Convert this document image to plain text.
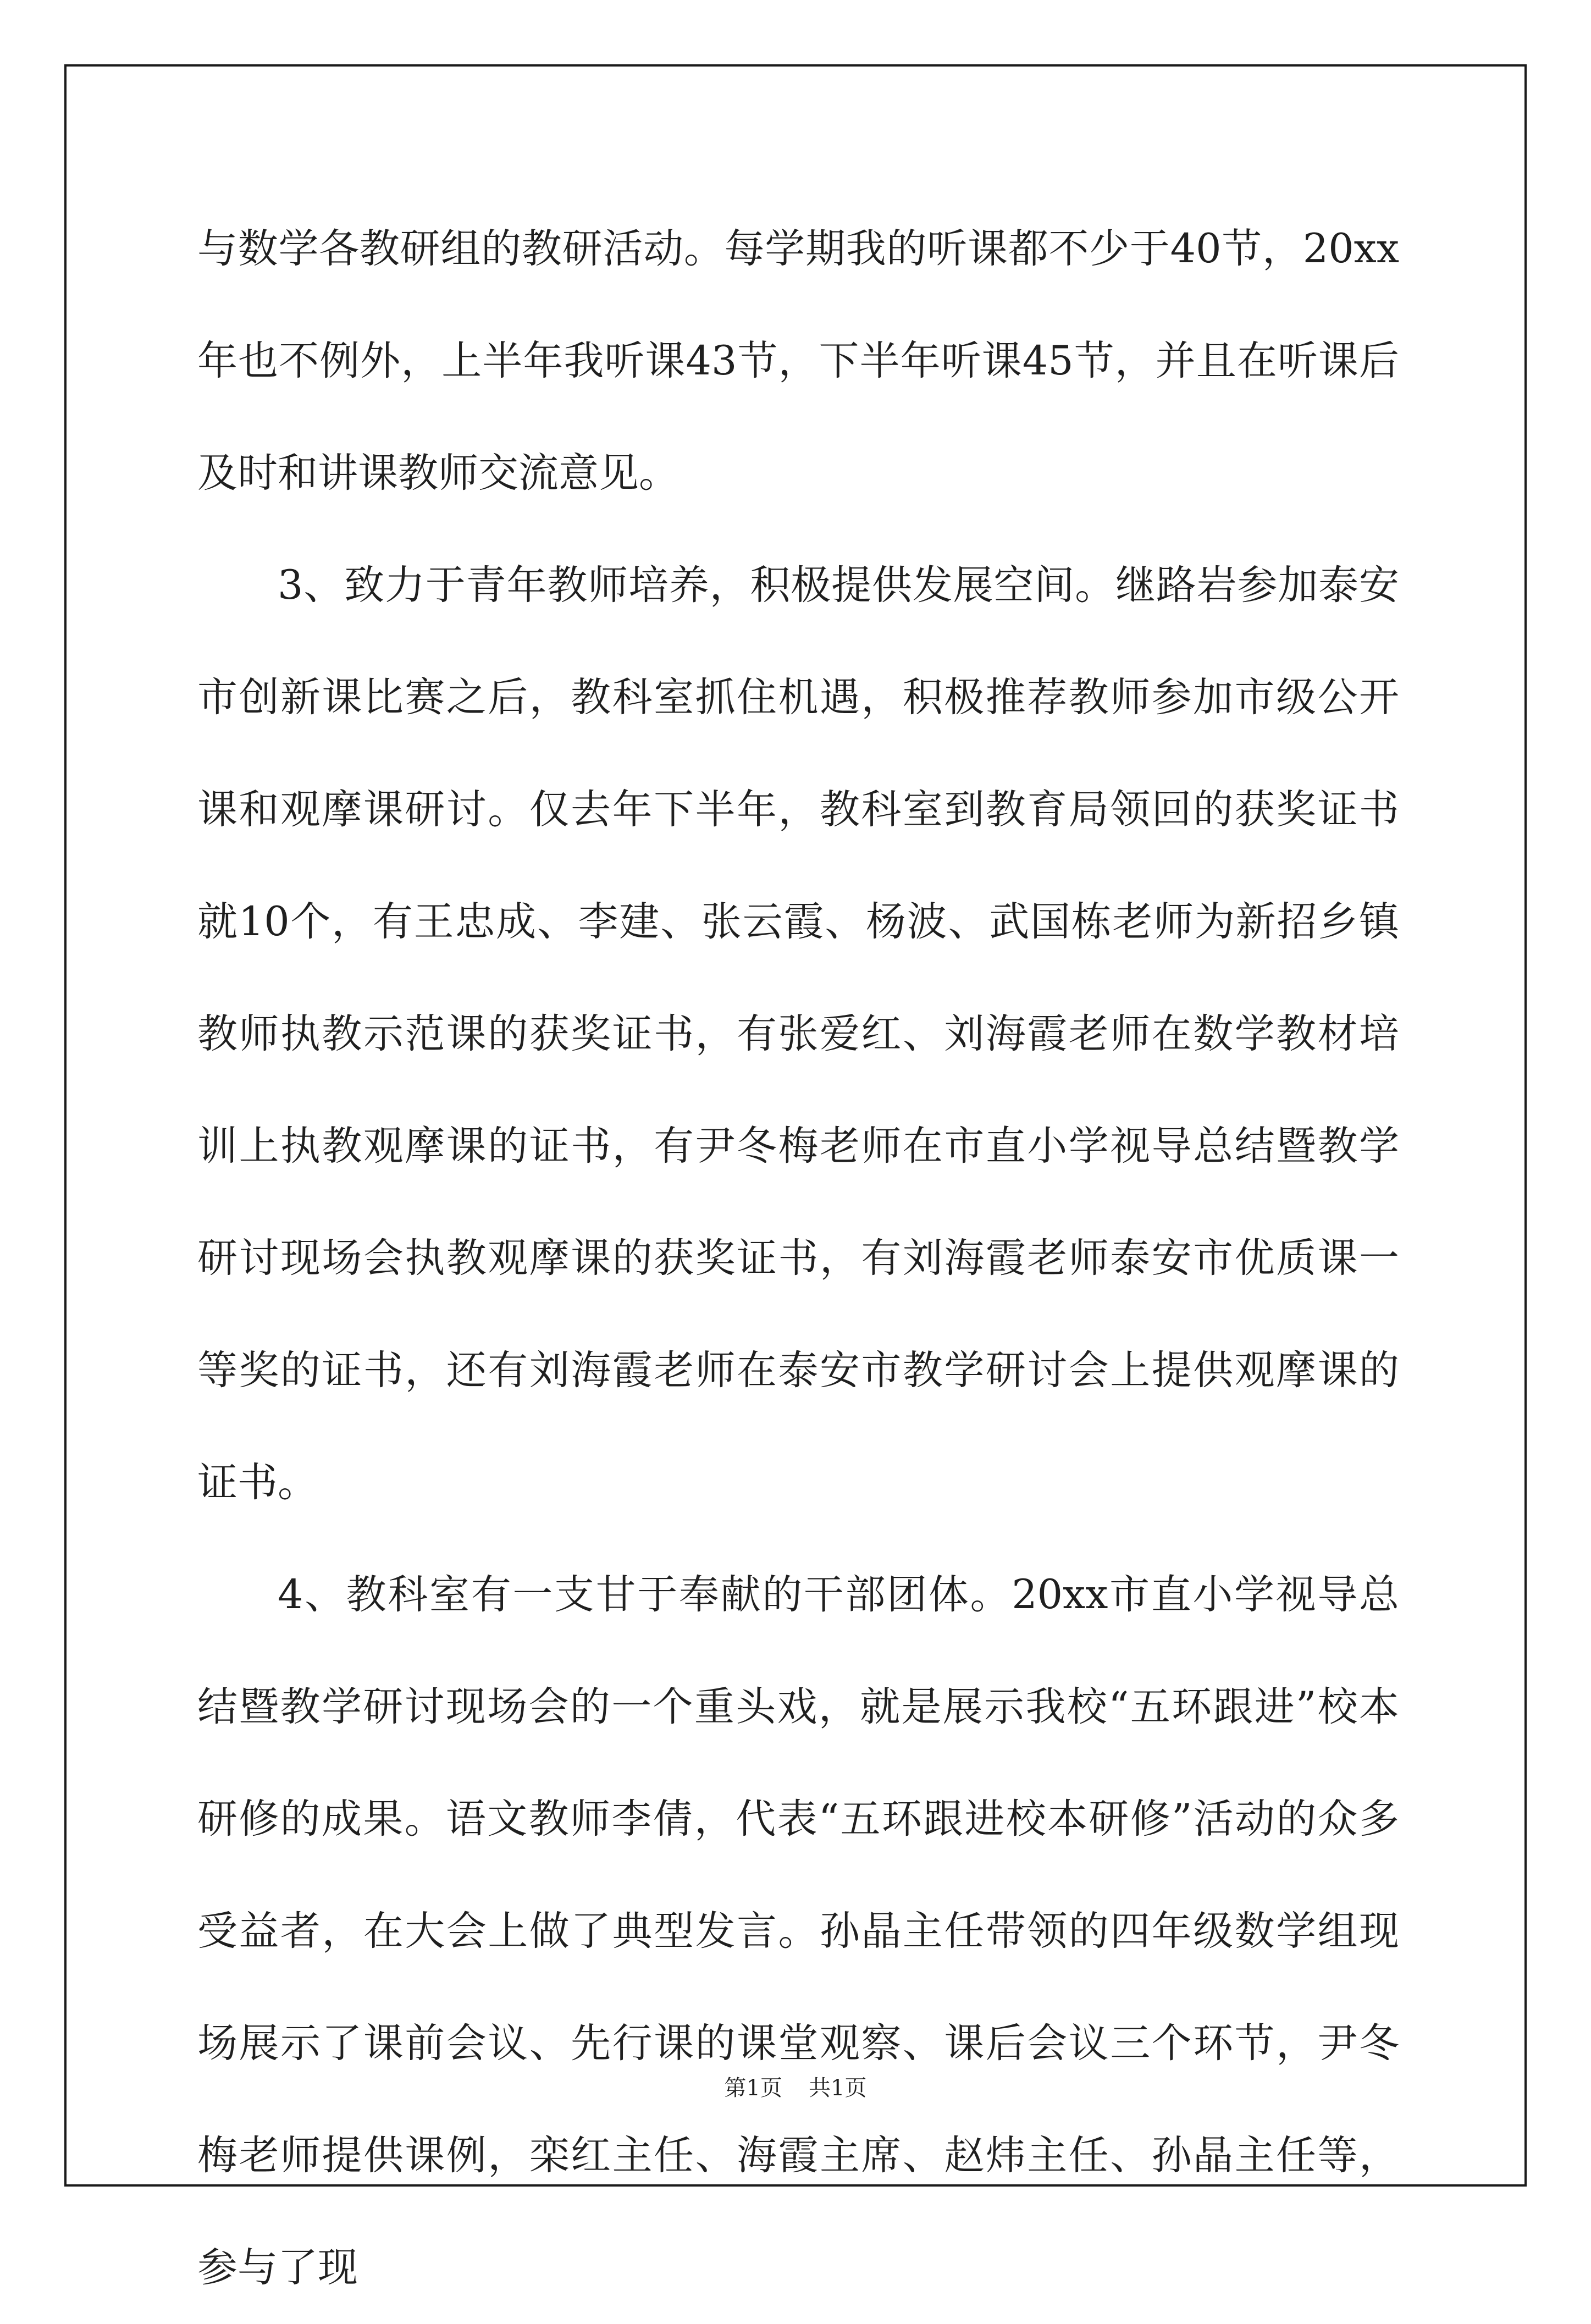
与数学各教研组的教研活动。每学期我的听课都不少于40节，20xx年也不例外，上半年我听课43节，下半年听课45节，并且在听课后及时和讲课教师交流意见。

3、致力于青年教师培养，积极提供发展空间。继路岩参加泰安市创新课比赛之后，教科室抓住机遇，积极推荐教师参加市级公开课和观摩课研讨。仅去年下半年，教科室到教育局领回的获奖证书就10个，有王忠成、李建、张云霞、杨波、武国栋老师为新招乡镇教师执教示范课的获奖证书，有张爱红、刘海霞老师在数学教材培训上执教观摩课的证书，有尹冬梅老师在市直小学视导总结暨教学研讨现场会执教观摩课的获奖证书，有刘海霞老师泰安市优质课一等奖的证书，还有刘海霞老师在泰安市教学研讨会上提供观摩课的证书。

4、教科室有一支甘于奉献的干部团体。20xx市直小学视导总结暨教学研讨现场会的一个重头戏，就是展示我校“五环跟进”校本研修的成果。语文教师李倩，代表“五环跟进校本研修”活动的众多受益者，在大会上做了典型发言。孙晶主任带领的四年级数学组现场展示了课前会议、先行课的课堂观察、课后会议三个环节，尹冬梅老师提供课例，栾红主任、海霞主席、赵炜主任、孙晶主任等，参与了现

第1页 共1页
